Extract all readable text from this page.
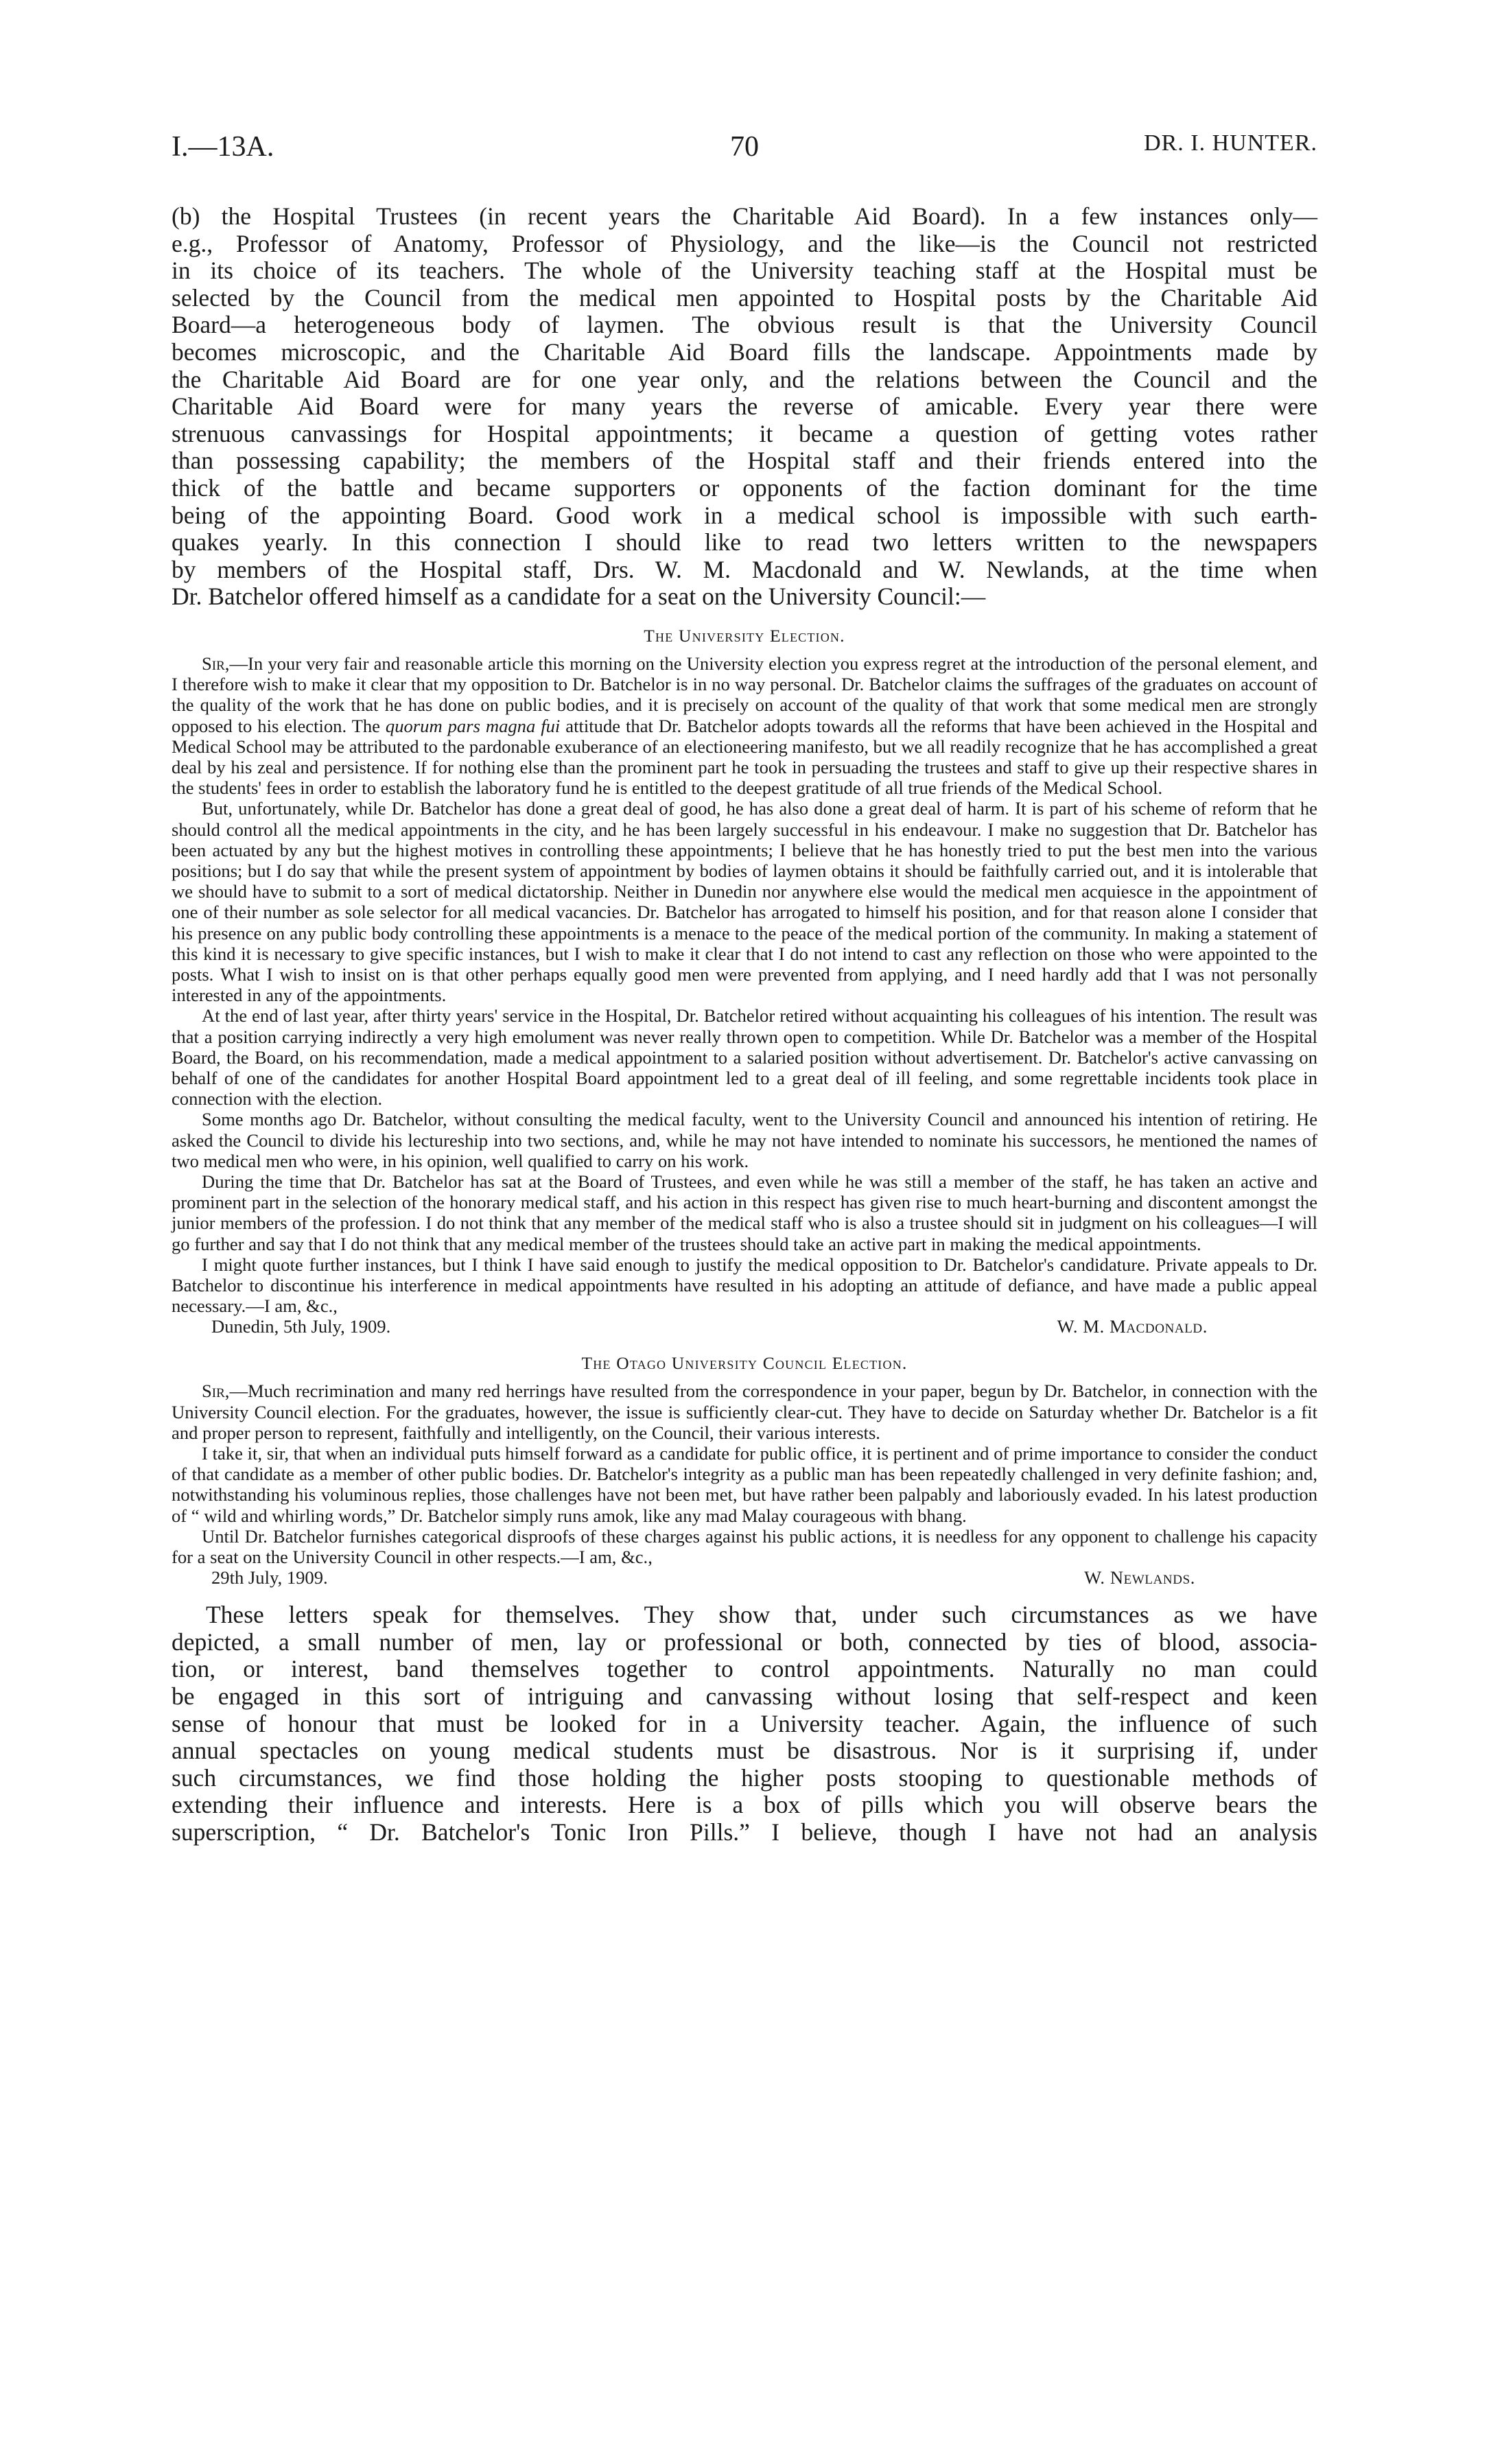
I.—13A.	70	DR. I. HUNTER.

(b) the Hospital Trustees (in recent years the Charitable Aid Board). In a few instances only—

e.g., Professor of Anatomy, Professor of Physiology, and the like—is the Council not restricted

in its choice of its teachers. The whole of the University teaching staff at the Hospital must be

selected by the Council from the medical men appointed to Hospital posts by the Charitable Aid

Board—a heterogeneous body of laymen. The obvious result is that the University Council

becomes microscopic, and the Charitable Aid Board fills the landscape. Appointments made by

the Charitable Aid Board are for one year only, and the relations between the Council and the

Charitable Aid Board were for many years the reverse of amicable. Every year there were

strenuous canvassings for Hospital appointments; it became a question of getting votes rather

than possessing capability; the members of the Hospital staff and their friends entered into the

thick of the battle and became supporters or opponents of the faction dominant for the time

being of the appointing Board. Good work in a medical school is impossible with such earth-

quakes yearly. In this connection I should like to read two letters written to the newspapers

by members of the Hospital staff, Drs. W. M. Macdonald and W. Newlands, at the time when

Dr. Batchelor offered himself as a candidate for a seat on the University Council:—

The University Election.

Sir,—In your very fair and reasonable article this morning on the University election you express regret at the introduction of the personal element, and I therefore wish to make it clear that my opposition to Dr. Batchelor is in no way personal. Dr. Batchelor claims the suffrages of the graduates on account of the quality of the work that he has done on public bodies, and it is precisely on account of the quality of that work that some medical men are strongly opposed to his election. The quorum pars magna fui attitude that Dr. Batchelor adopts towards all the reforms that have been achieved in the Hospital and Medical School may be attributed to the pardonable exuberance of an electioneering manifesto, but we all readily recognize that he has accomplished a great deal by his zeal and persistence. If for nothing else than the prominent part he took in persuading the trustees and staff to give up their respective shares in the students' fees in order to establish the laboratory fund he is entitled to the deepest gratitude of all true friends of the Medical School.

But, unfortunately, while Dr. Batchelor has done a great deal of good, he has also done a great deal of harm. It is part of his scheme of reform that he should control all the medical appointments in the city, and he has been largely successful in his endeavour. I make no suggestion that Dr. Batchelor has been actuated by any but the highest motives in controlling these appointments; I believe that he has honestly tried to put the best men into the various positions; but I do say that while the present system of appointment by bodies of laymen obtains it should be faithfully carried out, and it is intolerable that we should have to submit to a sort of medical dictatorship. Neither in Dunedin nor anywhere else would the medical men acquiesce in the appointment of one of their number as sole selector for all medical vacancies. Dr. Batchelor has arrogated to himself his position, and for that reason alone I consider that his presence on any public body controlling these appointments is a menace to the peace of the medical portion of the community. In making a statement of this kind it is necessary to give specific instances, but I wish to make it clear that I do not intend to cast any reflection on those who were appointed to the posts. What I wish to insist on is that other perhaps equally good men were prevented from applying, and I need hardly add that I was not personally interested in any of the appointments.

At the end of last year, after thirty years' service in the Hospital, Dr. Batchelor retired without acquainting his colleagues of his intention. The result was that a position carrying indirectly a very high emolument was never really thrown open to competition. While Dr. Batchelor was a member of the Hospital Board, the Board, on his recommendation, made a medical appointment to a salaried position without advertisement. Dr. Batchelor's active canvassing on behalf of one of the candidates for another Hospital Board appointment led to a great deal of ill feeling, and some regrettable incidents took place in connection with the election.

Some months ago Dr. Batchelor, without consulting the medical faculty, went to the University Council and announced his intention of retiring. He asked the Council to divide his lectureship into two sections, and, while he may not have intended to nominate his successors, he mentioned the names of two medical men who were, in his opinion, well qualified to carry on his work.

During the time that Dr. Batchelor has sat at the Board of Trustees, and even while he was still a member of the staff, he has taken an active and prominent part in the selection of the honorary medical staff, and his action in this respect has given rise to much heart-burning and discontent amongst the junior members of the profession. I do not think that any member of the medical staff who is also a trustee should sit in judgment on his colleagues—I will go further and say that I do not think that any medical member of the trustees should take an active part in making the medical appointments.

I might quote further instances, but I think I have said enough to justify the medical opposition to Dr. Batchelor's candidature. Private appeals to Dr. Batchelor to discontinue his interference in medical appointments have resulted in his adopting an attitude of defiance, and have made a public appeal necessary.—I am, &c.,

Dunedin, 5th July, 1909.	W. M. Macdonald.
The Otago University Council Election.

Sir,—Much recrimination and many red herrings have resulted from the correspondence in your paper, begun by Dr. Batchelor, in connection with the University Council election. For the graduates, however, the issue is sufficiently clear-cut. They have to decide on Saturday whether Dr. Batchelor is a fit and proper person to represent, faithfully and intelligently, on the Council, their various interests.

I take it, sir, that when an individual puts himself forward as a candidate for public office, it is pertinent and of prime importance to consider the conduct of that candidate as a member of other public bodies. Dr. Batchelor's integrity as a public man has been repeatedly challenged in very definite fashion; and, notwithstanding his voluminous replies, those challenges have not been met, but have rather been palpably and laboriously evaded. In his latest production of “ wild and whirling words,” Dr. Batchelor simply runs amok, like any mad Malay courageous with bhang.

Until Dr. Batchelor furnishes categorical disproofs of these charges against his public actions, it is needless for any opponent to challenge his capacity for a seat on the University Council in other respects.—I am, &c.,

29th July, 1909.	W. Newlands.

These letters speak for themselves. They show that, under such circumstances as we have

depicted, a small number of men, lay or professional or both, connected by ties of blood, associa-

tion, or interest, band themselves together to control appointments. Naturally no man could

be engaged in this sort of intriguing and canvassing without losing that self-respect and keen

sense of honour that must be looked for in a University teacher. Again, the influence of such

annual spectacles on young medical students must be disastrous. Nor is it surprising if, under

such circumstances, we find those holding the higher posts stooping to questionable methods of

extending their influence and interests. Here is a box of pills which you will observe bears the

superscription, “ Dr. Batchelor's Tonic Iron Pills.” I believe, though I have not had an analysis
